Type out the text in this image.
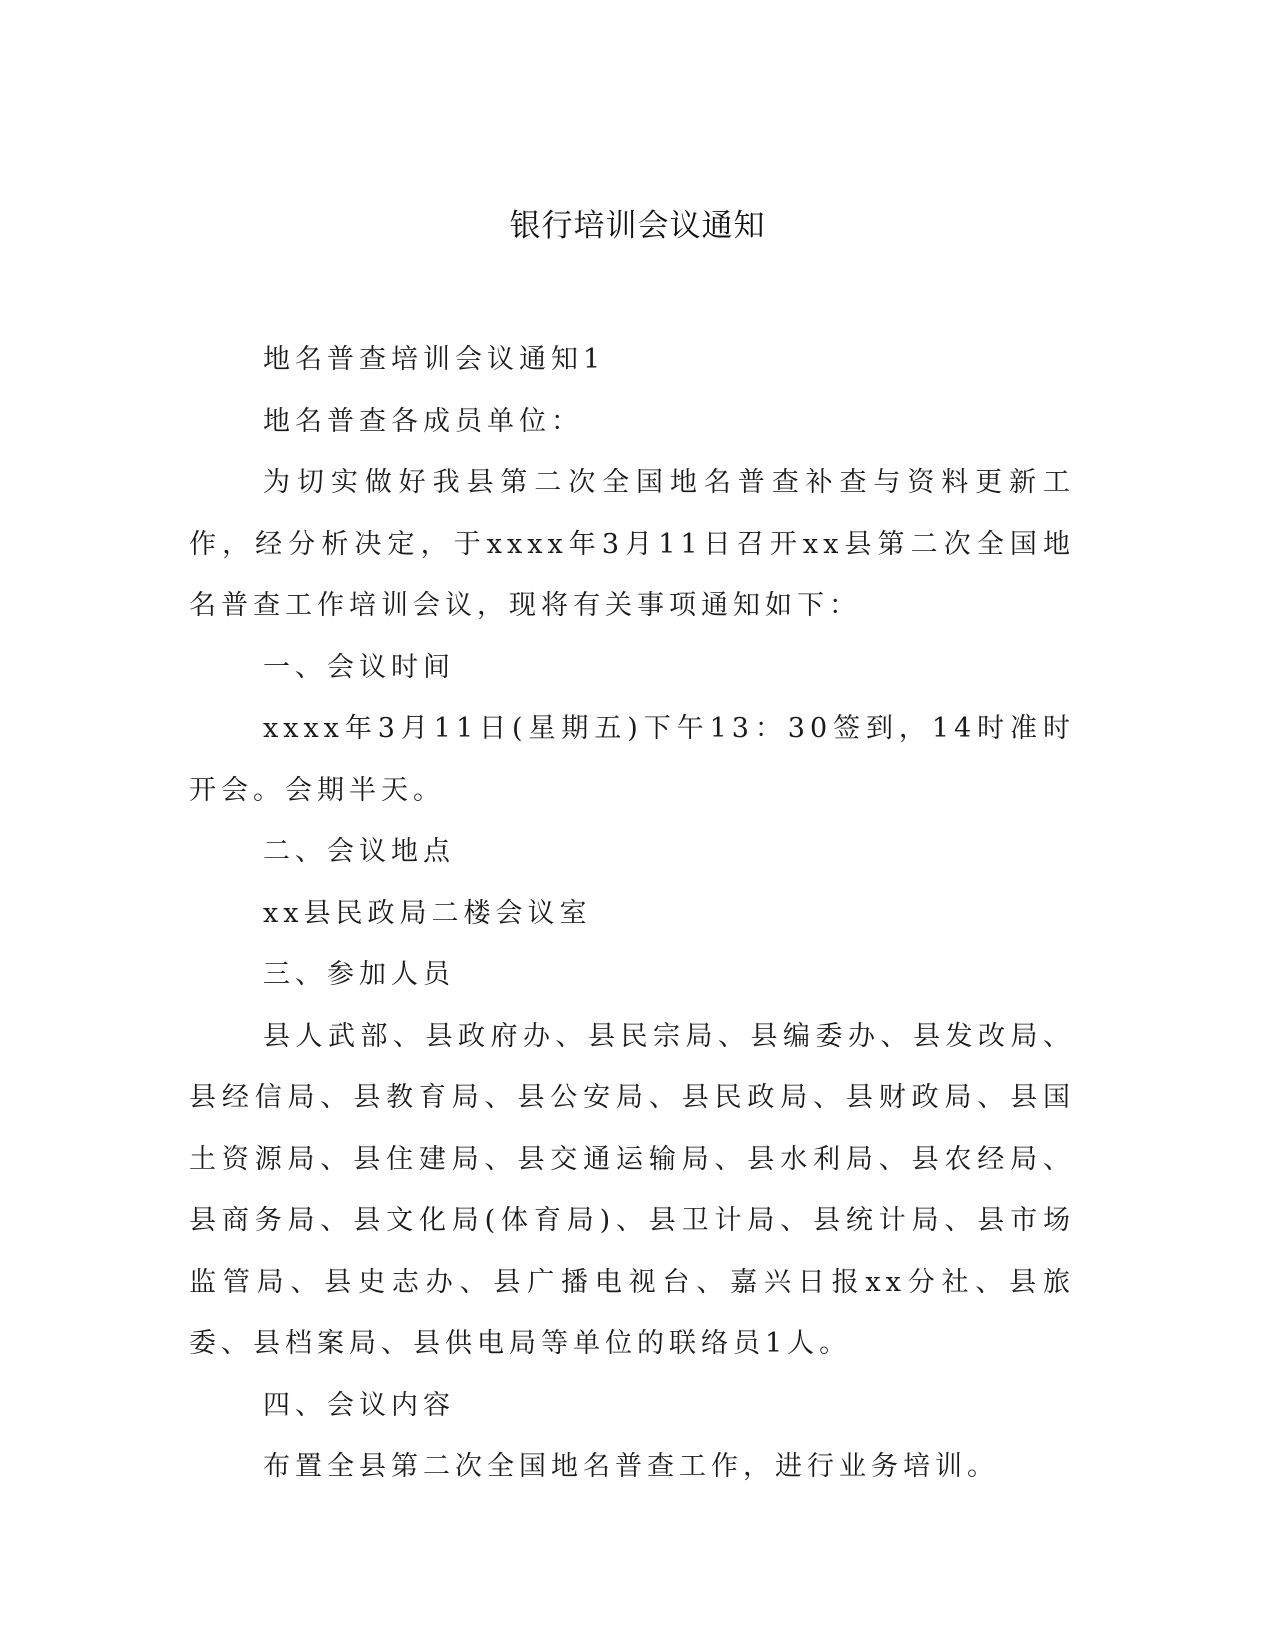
银行培训会议通知

地名普查培训会议通知1

地名普查各成员单位：

为切实做好我县第二次全国地名普查补查与资料更新工作，经分析决定，于xxxx年3月11日召开xx县第二次全国地名普查工作培训会议，现将有关事项通知如下：

一、会议时间

xxxx年3月11日(星期五)下午13：30签到，14时准时开会。会期半天。

二、会议地点

xx县民政局二楼会议室

三、参加人员

县人武部、县政府办、县民宗局、县编委办、县发改局、县经信局、县教育局、县公安局、县民政局、县财政局、县国土资源局、县住建局、县交通运输局、县水利局、县农经局、县商务局、县文化局(体育局)、县卫计局、县统计局、县市场监管局、县史志办、县广播电视台、嘉兴日报xx分社、县旅委、县档案局、县供电局等单位的联络员1人。

四、会议内容

布置全县第二次全国地名普查工作，进行业务培训。
